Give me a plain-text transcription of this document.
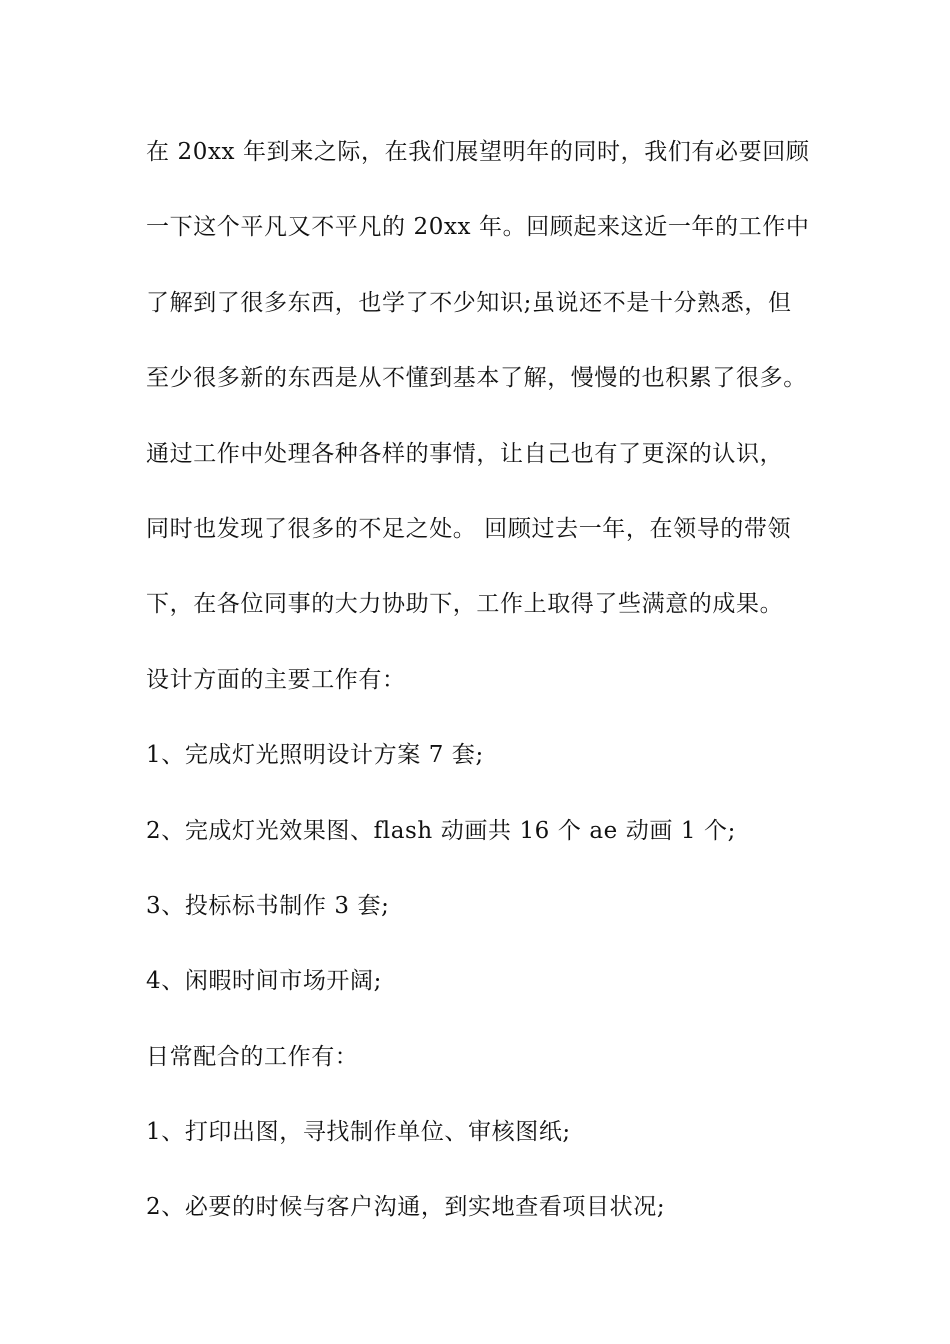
在 20xx 年到来之际，在我们展望明年的同时，我们有必要回顾
一下这个平凡又不平凡的 20xx 年。回顾起来这近一年的工作中
了解到了很多东西，也学了不少知识;虽说还不是十分熟悉，但
至少很多新的东西是从不懂到基本了解，慢慢的也积累了很多。
通过工作中处理各种各样的事情，让自己也有了更深的认识，
同时也发现了很多的不足之处。 回顾过去一年，在领导的带领
下，在各位同事的大力协助下，工作上取得了些满意的成果。
设计方面的主要工作有：
1、完成灯光照明设计方案 7 套;
2、完成灯光效果图、flash 动画共 16 个 ae 动画 1 个;
3、投标标书制作 3 套;
4、闲暇时间市场开阔;
日常配合的工作有：
1、打印出图，寻找制作单位、审核图纸;
2、必要的时候与客户沟通，到实地查看项目状况;
